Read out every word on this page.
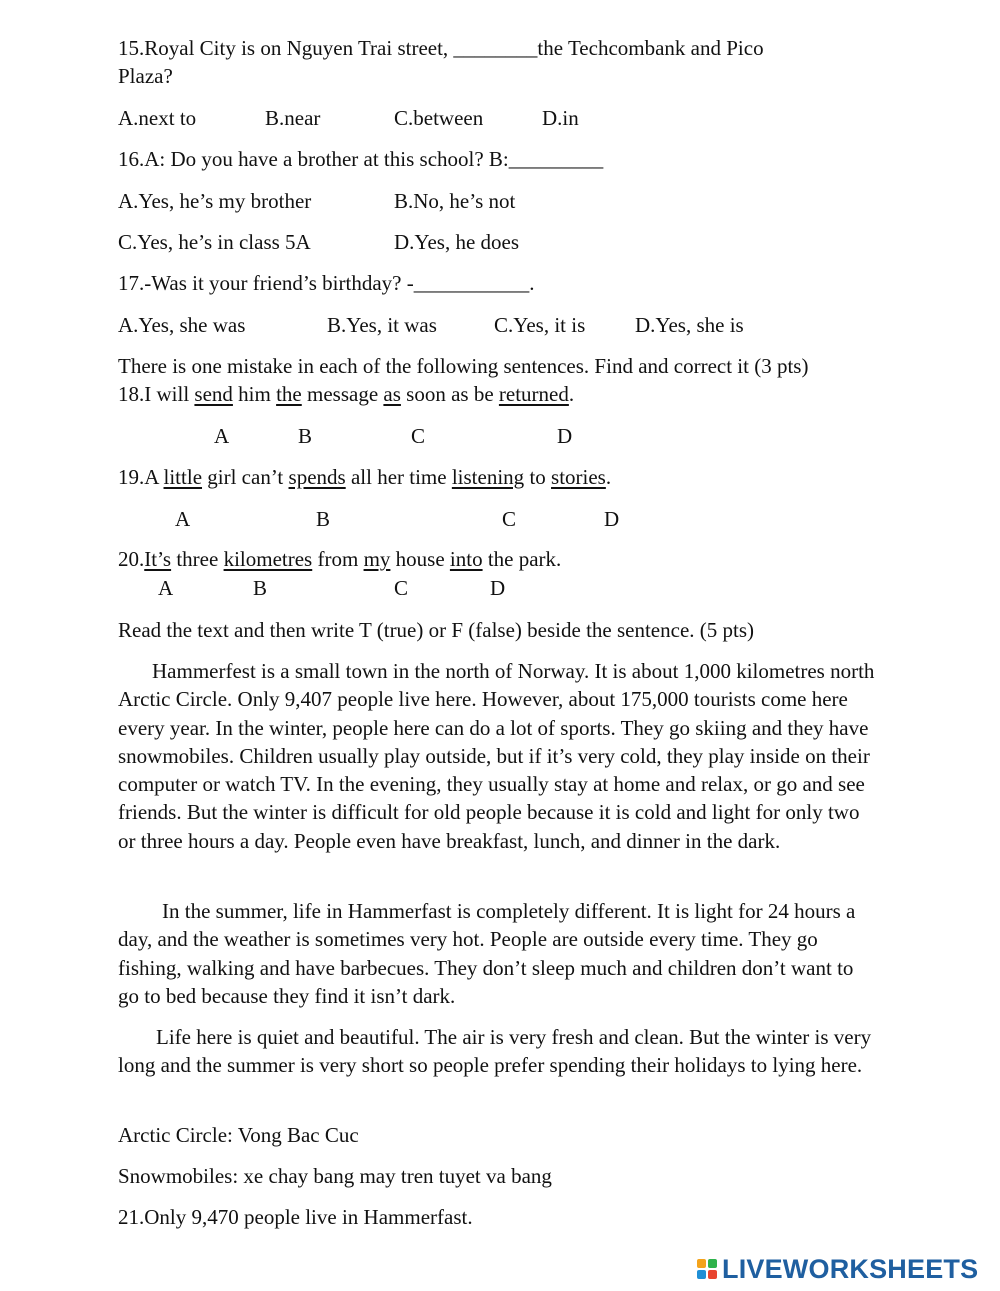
15.Royal City is on Nguyen Trai street, ________the Techcombank and Pico
Plaza?
A.next to	B.near	C.between	D.in
16.A: Do you have a brother at this school? B:_________
A.Yes, he’s my brother	B.No, he’s not
C.Yes, he’s in class 5A	D.Yes, he does
17.-Was it your friend’s birthday? -___________.
A.Yes, she was	B.Yes, it was	C.Yes, it is D.Yes, she is
There is one mistake in each of the following sentences. Find and correct it (3 pts)
18.I will send him the message as soon as be returned.
A	B	C	D
19.A little girl can’t spends all her time listening to stories.
A	B	C	D
20.It’s three kilometres from my house into the park.
A	B	C	D
Read the text and then write T (true) or F (false) beside the sentence. (5 pts)

Hammerfest is a small town in the north of Norway. It is about 1,000 kilometres north Arctic Circle. Only 9,407 people live here. However, about 175,000 tourists come here every year. In the winter, people here can do a lot of sports. They go skiing and they have snowmobiles. Children usually play outside, but if it’s very cold, they play inside on their computer or watch TV. In the evening, they usually stay at home and relax, or go and see friends. But the winter is difficult for old people because it is cold and light for only two or three hours a day. People even have breakfast, lunch, and dinner in the dark.

In the summer, life in Hammerfast is completely different. It is light for 24 hours a day, and the weather is sometimes very hot. People are outside every time. They go fishing, walking and have barbecues. They don’t sleep much and children don’t want to go to bed because they find it isn’t dark.

Life here is quiet and beautiful. The air is very fresh and clean. But the winter is very long and the summer is very short so people prefer spending their holidays to lying here.

Arctic Circle: Vong Bac Cuc
Snowmobiles: xe chay bang may tren tuyet va bang
21.Only 9,470 people live in Hammerfast.
LIVEWORKSHEETS
